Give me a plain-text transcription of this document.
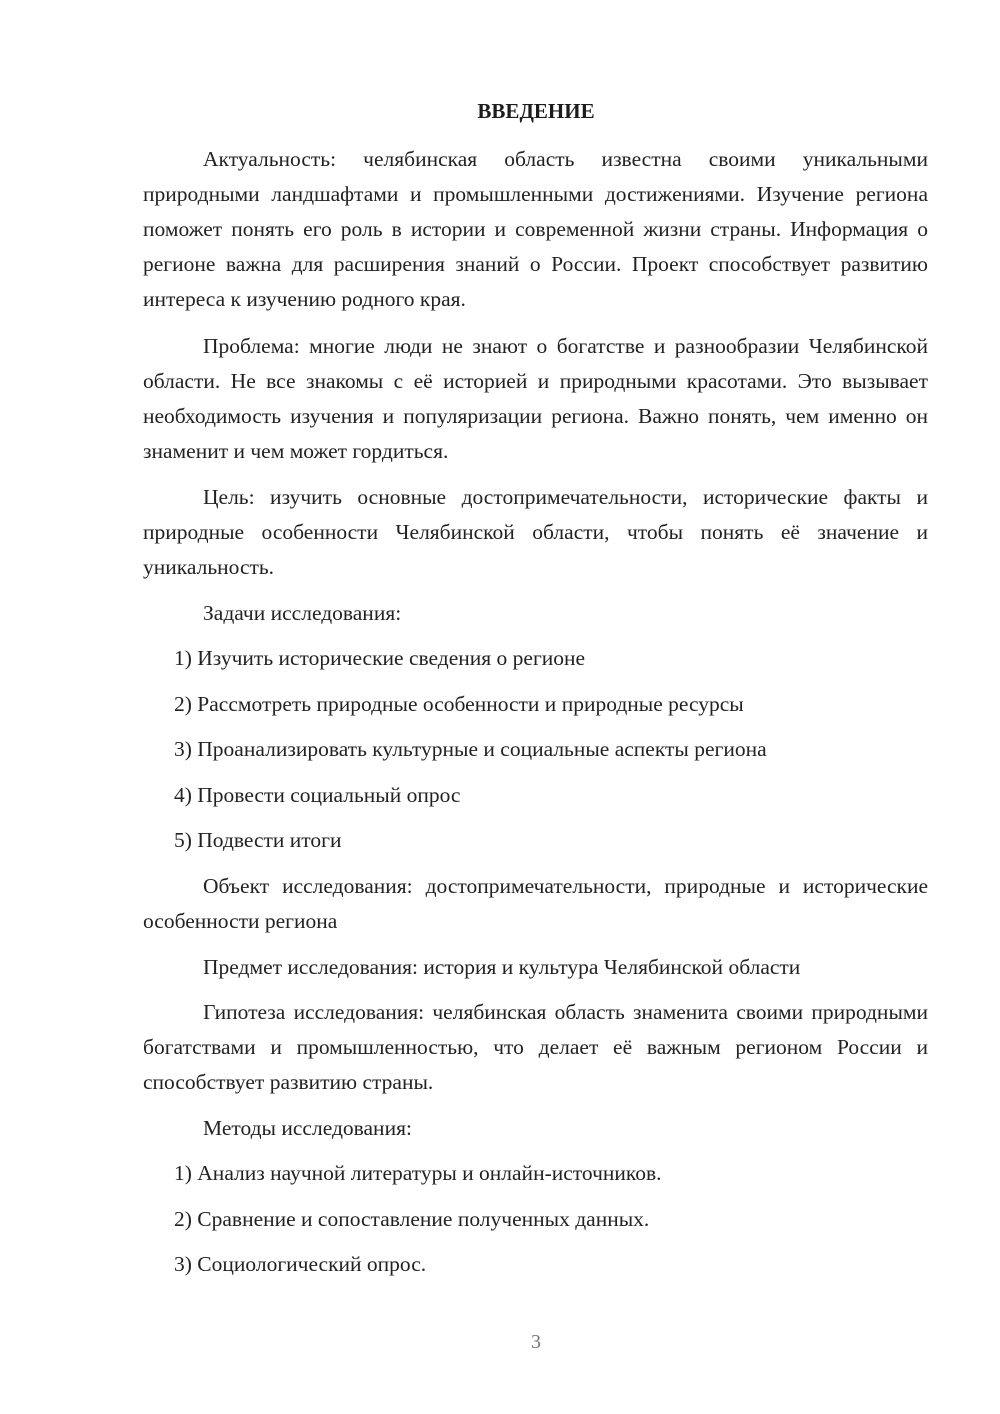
ВВЕДЕНИЕ

Актуальность: челябинская область известна своими уникальными природными ландшафтами и промышленными достижениями. Изучение региона поможет понять его роль в истории и современной жизни страны. Информация о регионе важна для расширения знаний о России. Проект способствует развитию интереса к изучению родного края.

Проблема: многие люди не знают о богатстве и разнообразии Челябинской области. Не все знакомы с её историей и природными красотами. Это вызывает необходимость изучения и популяризации региона. Важно понять, чем именно он знаменит и чем может гордиться.

Цель: изучить основные достопримечательности, исторические факты и природные особенности Челябинской области, чтобы понять её значение и уникальность.

Задачи исследования:

1) Изучить исторические сведения о регионе

2) Рассмотреть природные особенности и природные ресурсы

3) Проанализировать культурные и социальные аспекты региона

4) Провести социальный опрос

5) Подвести итоги

Объект исследования: достопримечательности, природные и исторические особенности региона

Предмет исследования: история и культура Челябинской области

Гипотеза исследования: челябинская область знаменита своими природными богатствами и промышленностью, что делает её важным регионом России и способствует развитию страны.

Методы исследования:

1) Анализ научной литературы и онлайн-источников.

2) Сравнение и сопоставление полученных данных.

3) Социологический опрос.

3
